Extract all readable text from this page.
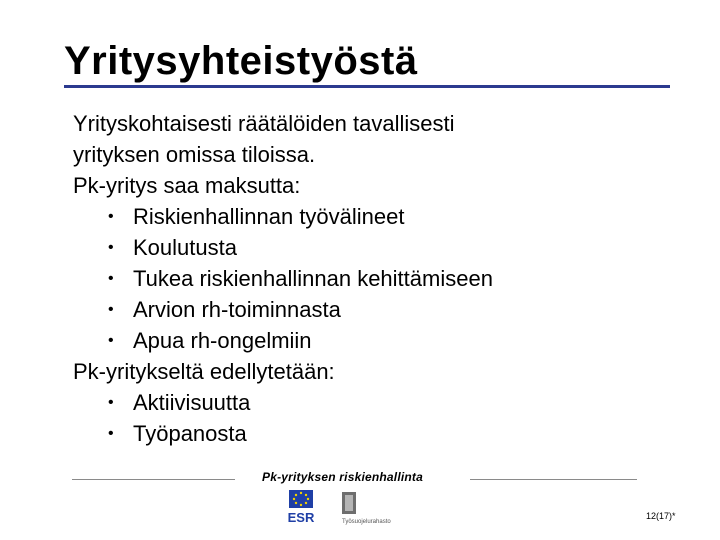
Yritysyhteistyöstä

Yrityskohtaisesti räätälöiden tavallisesti

yrityksen omissa tiloissa.

Pk-yritys saa maksutta:

• Riskienhallinnan työvälineet
• Koulutusta
• Tukea riskienhallinnan kehittämiseen
• Arvion rh-toiminnasta
• Apua rh-ongelmiin

Pk-yritykseltä edellytetään:

• Aktiivisuutta
• Työpanosta
Pk-yrityksen riskienhallinta
ESR	Työsuojelurahasto
12(17)*
